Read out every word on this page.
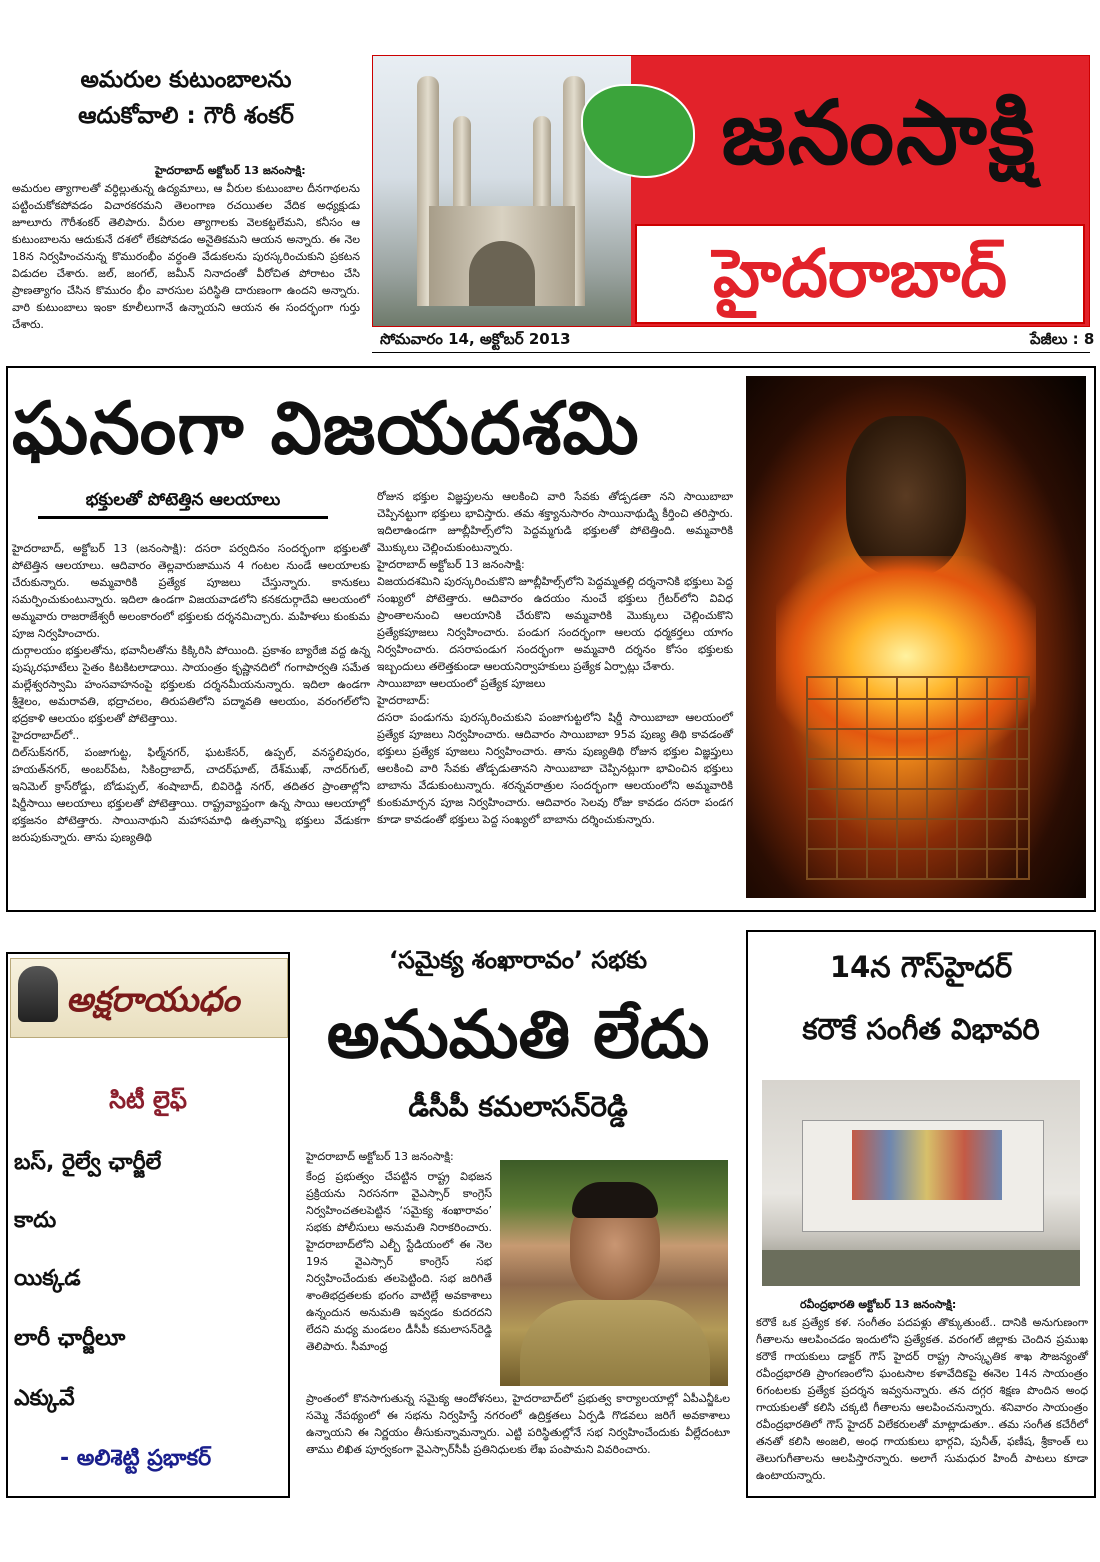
అమరుల కుటుంబాలను
ఆదుకోవాలి : గౌరీ శంకర్
హైదరాబాద్ అక్టోబర్ 13 జనంసాక్షి:
అమరుల త్యాగాలతో వర్ధిల్లుతున్న ఉద్యమాలు, ఆ వీరుల కుటుంబాల దీనగాథలను పట్టించుకోకపోవడం విచారకరమని తెలంగాణ రచయితల వేదిక అధ్యక్షుడు జూలూరు గౌరీశంకర్ తెలిపారు. వీరుల త్యాగాలకు వెలకట్టలేమని, కనీసం ఆ కుటుంబాలను ఆదుకునే దశలో లేకపోవడం అనైతికమని ఆయన అన్నారు. ఈ నెల 18న నిర్వహించనున్న కొమురంభీం వర్ధంతి వేడుకలను పురస్కరించుకుని ప్రకటన విడుదల చేశారు. జల్, జంగల్, జమీన్ నినాదంతో వీరోచిత పోరాటం చేసి ప్రాణత్యాగం చేసిన కొమురం భీం వారసుల పరిస్థితి దారుణంగా ఉందని అన్నారు. వారి కుటుంబాలు ఇంకా కూలీలుగానే ఉన్నాయని ఆయన ఈ సందర్భంగా గుర్తు చేశారు.
జనంసాక్షి
హైదరాబాద్
సోమవారం 14, అక్టోబర్ 2013	పేజీలు : 8
ఘనంగా విజయదశమి
భక్తులతో పోటెత్తిన ఆలయాలు

హైదరాబాద్, అక్టోబర్ 13 (జనంసాక్షి): దసరా పర్వదినం సందర్భంగా భక్తులతో పోటెత్తిన ఆలయాలు. ఆదివారం తెల్లవారుజామున 4 గంటల నుండే ఆలయాలకు చేరుకున్నారు. అమ్మవారికి ప్రత్యేక పూజలు చేస్తున్నారు. కానుకలు సమర్పించుకుంటున్నారు. ఇదిలా ఉండగా విజయవాడలోని కనకదుర్గాదేవి ఆలయంలో అమ్మవారు రాజరాజేశ్వరీ అలంకారంలో భక్తులకు దర్శనమిచ్చారు. మహిళలు కుంకుమ పూజ నిర్వహించారు.

దుర్గాలయం భక్తులతోను, భవానీలతోను కిక్కిరిసి పోయింది. ప్రకాశం బ్యారేజి వద్ద ఉన్న పుష్కరఘాటేలు సైతం కిటకిటలాడాయి. సాయంత్రం కృష్ణానదిలో గంగాపార్వతి సమేత మల్లేశ్వరస్వామి హంసవాహనంపై భక్తులకు దర్శనమీయనున్నారు. ఇదిలా ఉండగా శ్రీశైలం, అమరావతి, భద్రాచలం, తిరుపతిలోని పద్మావతి ఆలయం, వరంగల్‌లోని భద్రకాళి ఆలయం భక్తులతో పోటెత్తాయి.

హైదరాబాద్‌లో..

దిల్‌సుక్‌నగర్, పంజాగుట్ట, ఫిల్మ్‌నగర్, ఘటకేసర్, ఉప్పల్, వనస్థలిపురం, హయత్‌నగర్, అంబర్‌పేట, సికింద్రాబాద్, చాదర్‌ఘాట్, దేశ్‌ముఖ్, నాదర్‌గుల్, ఇనిమెల్ క్రాస్‌రోడ్డు, బోడుప్పల్, శంషాబాద్, బివిరెడ్డి నగర్, తదితర ప్రాంతాల్లోని షిర్డీసాయి ఆలయాలు భక్తులతో పోటెత్తాయి. రాష్ట్రవ్యాప్తంగా ఉన్న సాయి ఆలయాల్లో భక్తజనం పోటెత్తారు. సాయినాథుని మహాసమాధి ఉత్సవాన్ని భక్తులు వేడుకగా జరుపుకున్నారు. తాను పుణ్యతిథి

రోజున భక్తుల విజ్ఞప్తులను ఆలకించి వారి సేవకు తోడ్పడతా నని సాయిబాబా చెప్పినట్టుగా భక్తులు భావిస్తారు. తమ శక్త్యానుసారం సాయినాథుడ్ని కీర్తించి తరిస్తారు. ఇదిలాఉండగా జూబ్లీహిల్స్‌లోని పెద్దమ్మగుడి భక్తులతో పోటెత్తింది. అమ్మవారికి మొక్కులు చెల్లించుకుంటున్నారు.

హైదరాబాద్ అక్టోబర్ 13 జనంసాక్షి:

విజయదశమిని పురస్కరించుకొని జూబ్లీహిల్స్‌లోని పెద్దమ్మతల్లి దర్శనానికి భక్తులు పెద్ద సంఖ్యలో పోటెత్తారు. ఆదివారం ఉదయం నుంచే భక్తులు గ్రేటర్‌లోని వివిధ ప్రాంతాలనుంచి ఆలయానికి చేరుకొని అమ్మవారికి మొక్కులు చెల్లించుకొని ప్రత్యేకపూజలు నిర్వహించారు. పండుగ సందర్భంగా ఆలయ ధర్మకర్తలు యాగం నిర్వహించారు. దసరాపండుగ సందర్భంగా అమ్మవారి దర్శనం కోసం భక్తులకు ఇబ్బందులు తలెత్తకుండా ఆలయనిర్వాహకులు ప్రత్యేక ఏర్పాట్లు చేశారు.

సాయిబాబా ఆలయంలో ప్రత్యేక పూజలు

హైదరాబాద్:

దసరా పండుగను పురస్కరించుకుని పంజాగుట్టలోని షిర్డీ సాయిబాబా ఆలయంలో ప్రత్యేక పూజలు నిర్వహించారు. ఆదివారం సాయిబాబా 95వ పుణ్య తిథి కావడంతో భక్తులు ప్రత్యేక పూజలు నిర్వహించారు. తాను పుణ్యతిథి రోజున భక్తుల విజ్ఞప్తులు ఆలకించి వారి సేవకు తోడ్పడుతానని సాయిబాబా చెప్పినట్లుగా భావించిన భక్తులు బాబాను వేడుకుంటున్నారు. శరన్నవరాత్రుల సందర్భంగా ఆలయంలోని అమ్మవారికి కుంకుమార్చన పూజ నిర్వహించారు. ఆదివారం సెలవు రోజు కావడం దసరా పండగ కూడా కావడంతో భక్తులు పెద్ద సంఖ్యలో బాబాను దర్శించుకున్నారు.

అక్షరాయుధం
సిటీ లైఫ్
బస్, రైల్వే ఛార్జీలే
కాదు
యిక్కడ
లారీ ఛార్జీలూ
ఎక్కువే
- అలిశెట్టి ప్రభాకర్
‘సమైక్య శంఖారావం’ సభకు
అనుమతి లేదు
డీసీపీ కమలాసన్‌రెడ్డి
హైదరాబాద్ అక్టోబర్ 13 జనంసాక్షి:
కేంద్ర ప్రభుత్వం చేపట్టిన రాష్ట్ర విభజన ప్రక్రియను నిరసనగా వైఎస్సార్ కాంగ్రెస్ నిర్వహించతలపెట్టిన ‘సమైక్య శంఖారావం’ సభకు పోలీసులు అనుమతి నిరాకరించారు. హైదరాబాద్‌లోని ఎల్బీ స్టేడియంలో ఈ నెల 19న వైఎస్సార్ కాంగ్రెస్ సభ నిర్వహించేందుకు తలపెట్టింది. సభ జరిగితే శాంతిభద్రతలకు భంగం వాటిల్లే అవకాశాలు ఉన్నందున అనుమతి ఇవ్వడం కుదరదని లేదని మధ్య మండలం డీసీపీ కమలాసన్‌రెడ్డి తెలిపారు. సీమాంధ్ర
ప్రాంతంలో కొనసాగుతున్న సమైక్య ఆందోళనలు, హైదరాబాద్‌లో ప్రభుత్వ కార్యాలయాల్లో ఏపీఎన్జీఓల సమ్మె నేపథ్యంలో ఈ సభను నిర్వహిస్తే నగరంలో ఉద్రిక్తతలు ఏర్పడి గొడవలు జరిగే అవకాశాలు ఉన్నాయని ఈ నిర్ణయం తీసుకున్నామన్నారు. ఎట్టి పరిస్థితుల్లోనే సభ నిర్వహించేందుకు వీల్లేదంటూ తాము లిఖిత పూర్వకంగా వైఎస్సార్‌సీపీ ప్రతినిధులకు లేఖ పంపామని వివరించారు.
14న గౌస్‌హైదర్
కరౌకే సంగీత విభావరి
రవీంద్రభారతి అక్టోబర్ 13 జనంసాక్షి:
కరౌకే ఒక ప్రత్యేక కళ. సంగీతం పదపళ్లు తొక్కుతుంటే.. దానికి అనుగుణంగా గీతాలను ఆలపించడం ఇందులోని ప్రత్యేకత. వరంగల్ జిల్లాకు చెందిన ప్రముఖ కరౌకే గాయకులు డాక్టర్ గౌస్ హైదర్ రాష్ట్ర సాంస్కృతిక శాఖ సౌజన్యంతో రవీంద్రభారతి ప్రాంగణంలోని ఘంటసాల కళావేదికపై ఈనెల 14న సాయంత్రం 6గంటలకు ప్రత్యేక ప్రదర్శన ఇవ్వనున్నారు. తన దగ్గర శిక్షణ పొందిన అంధ గాయకులతో కలిసి చక్కటి గీతాలను ఆలపించనున్నారు. శనివారం సాయంత్రం రవీంద్రభారతిలో గౌస్ హైదర్ విలేకరులతో మాట్లాడుతూ.. తమ సంగీత కచేరీలో తనతో కలిసి అంజలి, అంధ గాయకులు భార్గవి, పునీత్, ఫణీష, శ్రీకాంత్ లు తెలుగుగీతాలను ఆలపిస్తారన్నారు. అలాగే సుమధుర హిందీ పాటలు కూడా ఉంటాయన్నారు.
